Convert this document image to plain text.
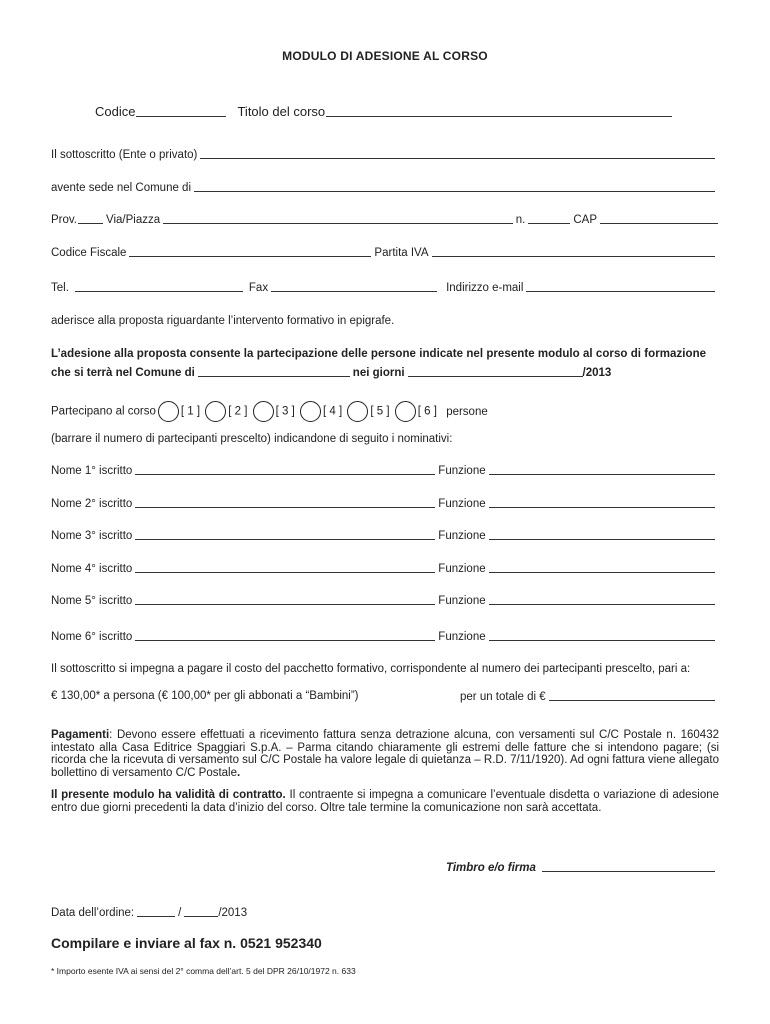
MODULO DI ADESIONE AL CORSO
Codice	Titolo del corso
Il sottoscritto (Ente o privato)
avente sede nel Comune di
Prov.	Via/Piazza	n.	CAP
Codice Fiscale	Partita IVA
Tel.	Fax	Indirizzo e-mail
aderisce alla proposta riguardante l’intervento formativo in epigrafe.
L’adesione alla proposta consente la partecipazione delle persone indicate nel presente modulo al corso di formazione
che si terrà nel Comune di	nei giorni	/2013
Partecipano al corso [ 1 ] [ 2 ] [ 3 ] [ 4 ] [ 5 ] [ 6 ] persone
(barrare il numero di partecipanti prescelto) indicandone di seguito i nominativi:
Nome 1° iscritto	Funzione
Nome 2° iscritto	Funzione
Nome 3° iscritto	Funzione
Nome 4° iscritto	Funzione
Nome 5° iscritto	Funzione
Nome 6° iscritto	Funzione
Il sottoscritto si impegna a pagare il costo del pacchetto formativo, corrispondente al numero dei partecipanti prescelto, pari a:
€ 130,00* a persona (€ 100,00* per gli abbonati a “Bambini”)	per un totale di €
Pagamenti: Devono essere effettuati a ricevimento fattura senza detrazione alcuna, con versamenti sul C/C Postale n. 160432 intestato alla Casa Editrice Spaggiari S.p.A. – Parma citando chiaramente gli estremi delle fatture che si intendono pagare; (si ricorda che la ricevuta di versamento sul C/C Postale ha valore legale di quietanza – R.D. 7/11/1920). Ad ogni fattura viene allegato bollettino di versamento C/C Postale.
Il presente modulo ha validità di contratto. Il contraente si impegna a comunicare l’eventuale disdetta o variazione di adesione entro due giorni precedenti la data d’inizio del corso. Oltre tale termine la comunicazione non sarà accettata.
Timbro e/o firma
Data dell’ordine:	/	/2013
Compilare e inviare al fax n. 0521 952340
* Importo esente IVA ai sensi del 2° comma dell’art. 5 del DPR 26/10/1972 n. 633
